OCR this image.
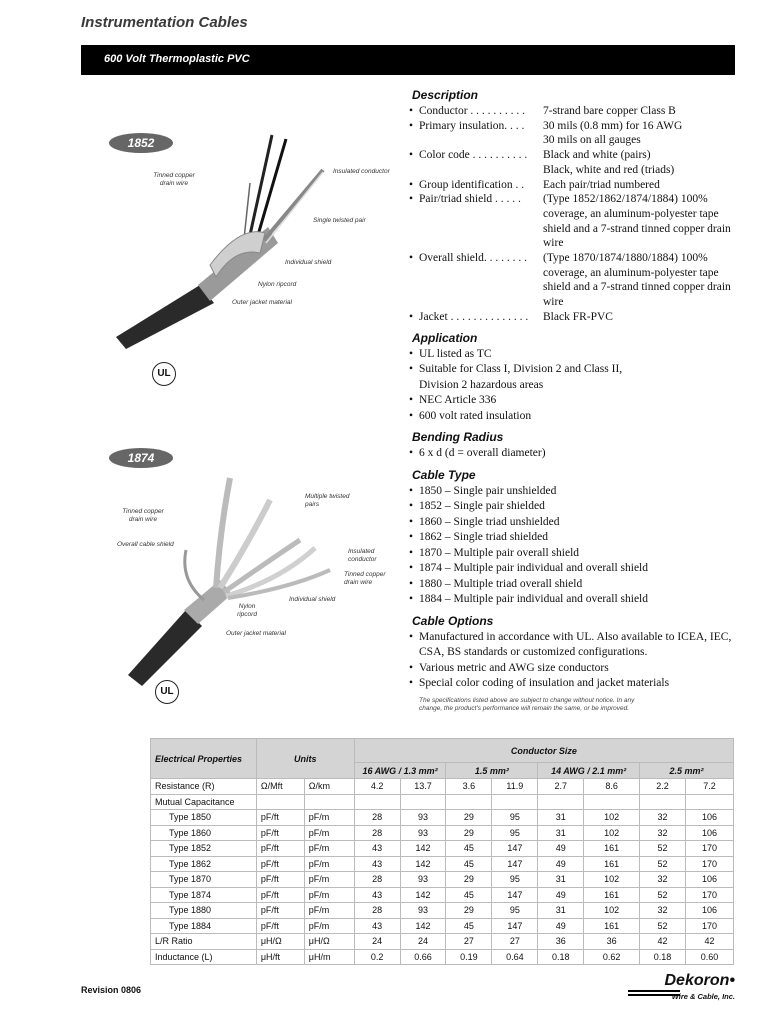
Instrumentation Cables
600 Volt Thermoplastic PVC
1852
Tinned copper drain wire
Insulated conductor
Single twisted pair
Individual shield
Nylon ripcord
Outer jacket material
UL
1874
Multiple twisted pairs
Tinned copper drain wire
Overall cable shield
Insulated conductor
Tinned copper drain wire
Individual shield
Nylon ripcord
Outer jacket material
UL
Description
• Conductor . . . . . . . . . .	7-strand bare copper Class B
• Primary insulation. . . .	30 mils (0.8 mm) for 16 AWG
30 mils on all gauges
• Color code . . . . . . . . . .	Black and white (pairs)
Black, white and red (triads)
• Group identification . .	Each pair/triad numbered
• Pair/triad shield . . . . .	(Type 1852/1862/1874/1884) 100% coverage, an aluminum-polyester tape shield and a 7-strand tinned copper drain wire
• Overall shield. . . . . . . .	(Type 1870/1874/1880/1884) 100% coverage, an aluminum-polyester tape shield and a 7-strand tinned copper drain wire
• Jacket . . . . . . . . . . . . . .	Black FR-PVC
Application
• UL listed as TC
• Suitable for Class I, Division 2 and Class II, Division 2 hazardous areas
• NEC Article 336
• 600 volt rated insulation
Bending Radius
• 6 x d (d = overall diameter)
Cable Type
• 1850 – Single pair unshielded
• 1852 – Single pair shielded
• 1860 – Single triad unshielded
• 1862 – Single triad shielded
• 1870 – Multiple pair overall shield
• 1874 – Multiple pair individual and overall shield
• 1880 – Multiple triad overall shield
• 1884 – Multiple pair individual and overall shield
Cable Options
• Manufactured in accordance with UL. Also available to ICEA, IEC, CSA, BS standards or customized configurations.
• Various metric and AWG size conductors
• Special color coding of insulation and jacket materials
The specifications listed above are subject to change without notice. In any change, the product's performance will remain the same, or be improved.
Electrical Properties	Units		Conductor Size							
			16 AWG / 1.3 mm²		1.5 mm²		14 AWG / 2.1 mm²		2.5 mm²	
Resistance (R)	Ω/Mft	Ω/km	4.2	13.7	3.6	11.9	2.7	8.6	2.2	7.2
Mutual Capacitance										
Type 1850	pF/ft	pF/m	28	93	29	95	31	102	32	106
Type 1860	pF/ft	pF/m	28	93	29	95	31	102	32	106
Type 1852	pF/ft	pF/m	43	142	45	147	49	161	52	170
Type 1862	pF/ft	pF/m	43	142	45	147	49	161	52	170
Type 1870	pF/ft	pF/m	28	93	29	95	31	102	32	106
Type 1874	pF/ft	pF/m	43	142	45	147	49	161	52	170
Type 1880	pF/ft	pF/m	28	93	29	95	31	102	32	106
Type 1884	pF/ft	pF/m	43	142	45	147	49	161	52	170
L/R Ratio	μH/Ω	μH/Ω	24	24	27	27	36	36	42	42
Inductance (L)	μH/ft	μH/m	0.2	0.66	0.19	0.64	0.18	0.62	0.18	0.60
Revision 0806
Dekoron•
Wire & Cable, Inc.
